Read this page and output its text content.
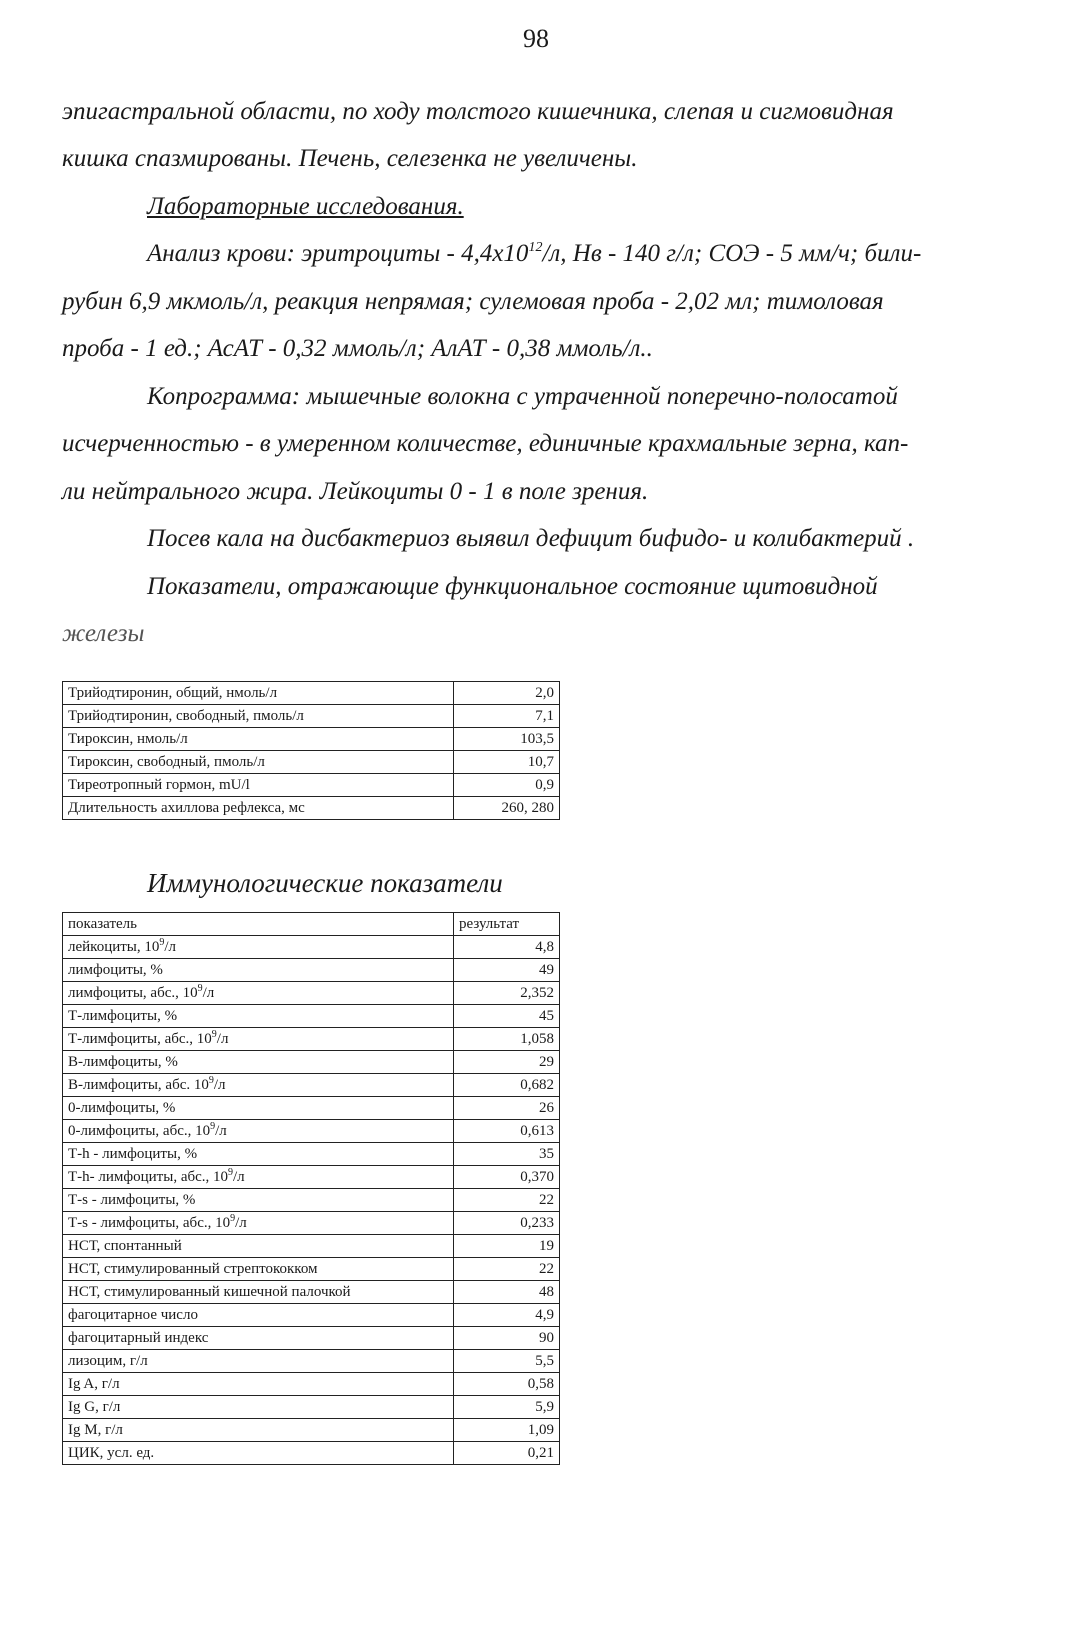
98
эпигастральной области, по ходу толстого кишечника, слепая и сигмовидная
кишка спазмированы. Печень, селезенка не увеличены.
Лабораторные исследования.
Анализ крови: эритроциты - $4,4х10^{12}/л$, Нв - 140 г/л; СОЭ - 5 мм/ч; били-
рубин 6,9 мкмоль/л, реакция непрямая; сулемовая проба - 2,02 мл; тимоловая
проба - 1 ед.; АсАТ - 0,32 ммоль/л; АлАТ - 0,38 ммоль/л..
Копрограмма: мышечные волокна с утраченной поперечно-полосатой
исчерченностью - в умеренном количестве, единичные крахмальные зерна, кап-
ли нейтрального жира. Лейкоциты 0 - 1 в поле зрения.
Посев кала на дисбактериоз выявил дефицит бифидо- и колибактерий .
Показатели, отражающие функциональное состояние щитовидной
железы
Трийодтиронин, общий, нмоль/л	2,0
Трийодтиронин, свободный, пмоль/л	7,1
Тироксин, нмоль/л	103,5
Тироксин, свободный, пмоль/л	10,7
Тиреотропный гормон, mU/l	0,9
Длительность ахиллова рефлекса, мс	260, 280
Иммунологические показатели
показатель	результат
лейкоциты, $10^9/л$	4,8
лимфоциты, %	49
лимфоциты, абс., $10^9/л$	2,352
Т-лимфоциты, %	45
Т-лимфоциты, абс., $10^9/л$	1,058
В-лимфоциты, %	29
В-лимфоциты, абс. $10^9/л$	0,682
0-лимфоциты, %	26
0-лимфоциты, абс., $10^9/л$	0,613
Т-h - лимфоциты, %	35
Т-h- лимфоциты, абс., $10^9/л$	0,370
Т-s - лимфоциты, %	22
Т-s - лимфоциты, абс., $10^9/л$	0,233
НСТ, спонтанный	19
НСТ, стимулированный стрептококком	22
НСТ, стимулированный кишечной палочкой	48
фагоцитарное число	4,9
фагоцитарный индекс	90
лизоцим, г/л	5,5
Ig A, г/л	0,58
Ig G, г/л	5,9
Ig M, г/л	1,09
ЦИК, усл. ед.	0,21
